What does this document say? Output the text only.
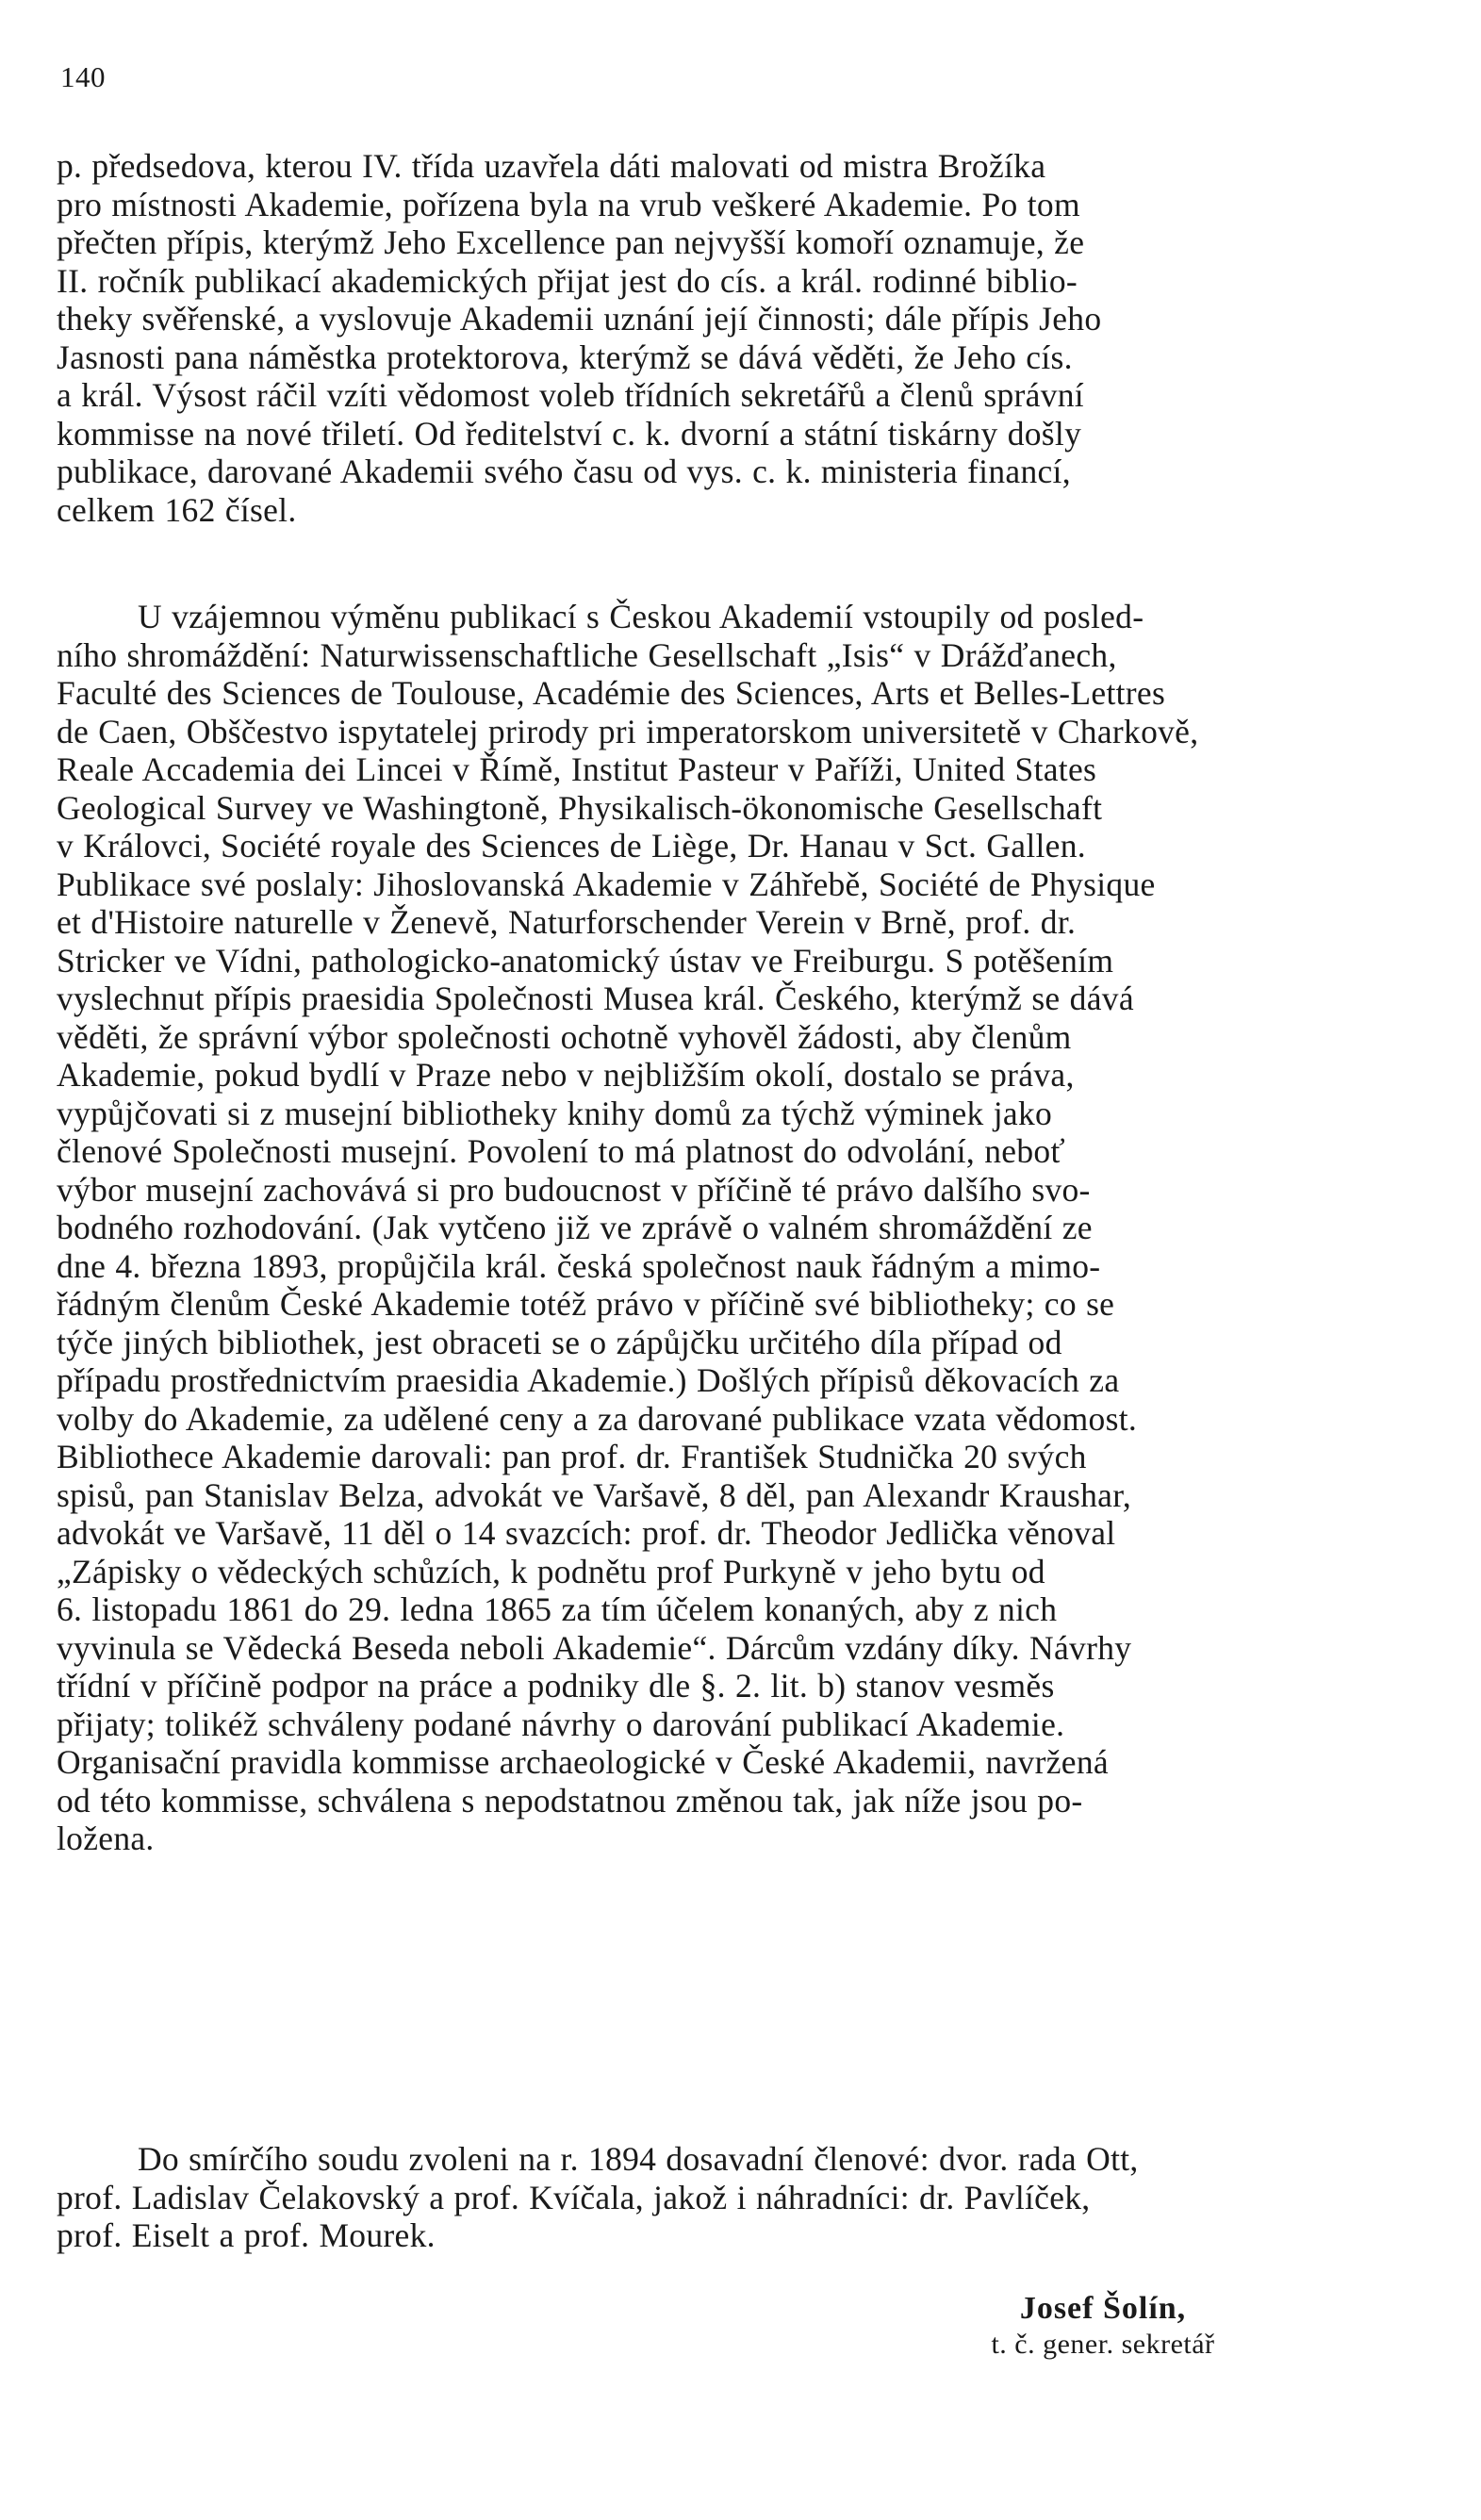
140
p. předsedova, kterou IV. třída uzavřela dáti malovati od mistra Brožíka
pro místnosti Akademie, pořízena byla na vrub veškeré Akademie. Po tom
přečten přípis, kterýmž Jeho Excellence pan nejvyšší komoří oznamuje, že
II. ročník publikací akademických přijat jest do cís. a král. rodinné biblio-
theky svěřenské, a vyslovuje Akademii uznání její činnosti; dále přípis Jeho
Jasnosti pana náměstka protektorova, kterýmž se dává věděti, že Jeho cís.
a král. Výsost ráčil vzíti vědomost voleb třídních sekretářů a členů správní
kommisse na nové třiletí. Od ředitelství c. k. dvorní a státní tiskárny došly
publikace, darované Akademii svého času od vys. c. k. ministeria financí,
celkem 162 čísel.
U vzájemnou výměnu publikací s Českou Akademií vstoupily od posled-
ního shromáždění: Naturwissenschaftliche Gesellschaft „Isis“ v Drážďanech,
Faculté des Sciences de Toulouse, Académie des Sciences, Arts et Belles-Lettres
de Caen, Obščestvo ispytatelej prirody pri imperatorskom universitetě v Charkově,
Reale Accademia dei Lincei v Římě, Institut Pasteur v Paříži, United States
Geological Survey ve Washingtoně, Physikalisch-ökonomische Gesellschaft
v Královci, Société royale des Sciences de Liège, Dr. Hanau v Sct. Gallen.
Publikace své poslaly: Jihoslovanská Akademie v Záhřebě, Société de Physique
et d'Histoire naturelle v Ženevě, Naturforschender Verein v Brně, prof. dr.
Stricker ve Vídni, pathologicko-anatomický ústav ve Freiburgu. S potěšením
vyslechnut přípis praesidia Společnosti Musea král. Českého, kterýmž se dává
věděti, že správní výbor společnosti ochotně vyhověl žádosti, aby členům
Akademie, pokud bydlí v Praze nebo v nejbližším okolí, dostalo se práva,
vypůjčovati si z musejní bibliotheky knihy domů za týchž výminek jako
členové Společnosti musejní. Povolení to má platnost do odvolání, neboť
výbor musejní zachovává si pro budoucnost v příčině té právo dalšího svo-
bodného rozhodování. (Jak vytčeno již ve zprávě o valném shromáždění ze
dne 4. března 1893, propůjčila král. česká společnost nauk řádným a mimo-
řádným členům České Akademie totéž právo v příčině své bibliotheky; co se
týče jiných bibliothek, jest obraceti se o zápůjčku určitého díla případ od
případu prostřednictvím praesidia Akademie.) Došlých přípisů děkovacích za
volby do Akademie, za udělené ceny a za darované publikace vzata vědomost.
Bibliothece Akademie darovali: pan prof. dr. František Studnička 20 svých
spisů, pan Stanislav Belza, advokát ve Varšavě, 8 děl, pan Alexandr Kraushar,
advokát ve Varšavě, 11 děl o 14 svazcích: prof. dr. Theodor Jedlička věnoval
„Zápisky o vědeckých schůzích, k podnětu prof Purkyně v jeho bytu od
6. listopadu 1861 do 29. ledna 1865 za tím účelem konaných, aby z nich
vyvinula se Vědecká Beseda neboli Akademie“. Dárcům vzdány díky. Návrhy
třídní v příčině podpor na práce a podniky dle §. 2. lit. b) stanov vesměs
přijaty; tolikéž schváleny podané návrhy o darování publikací Akademie.
Organisační pravidla kommisse archaeologické v České Akademii, navržená
od této kommisse, schválena s nepodstatnou změnou tak, jak níže jsou po-
ložena.
Do smírčího soudu zvoleni na r. 1894 dosavadní členové: dvor. rada Ott,
prof. Ladislav Čelakovský a prof. Kvíčala, jakož i náhradníci: dr. Pavlíček,
prof. Eiselt a prof. Mourek.
Josef Šolín,
t. č. gener. sekretář
